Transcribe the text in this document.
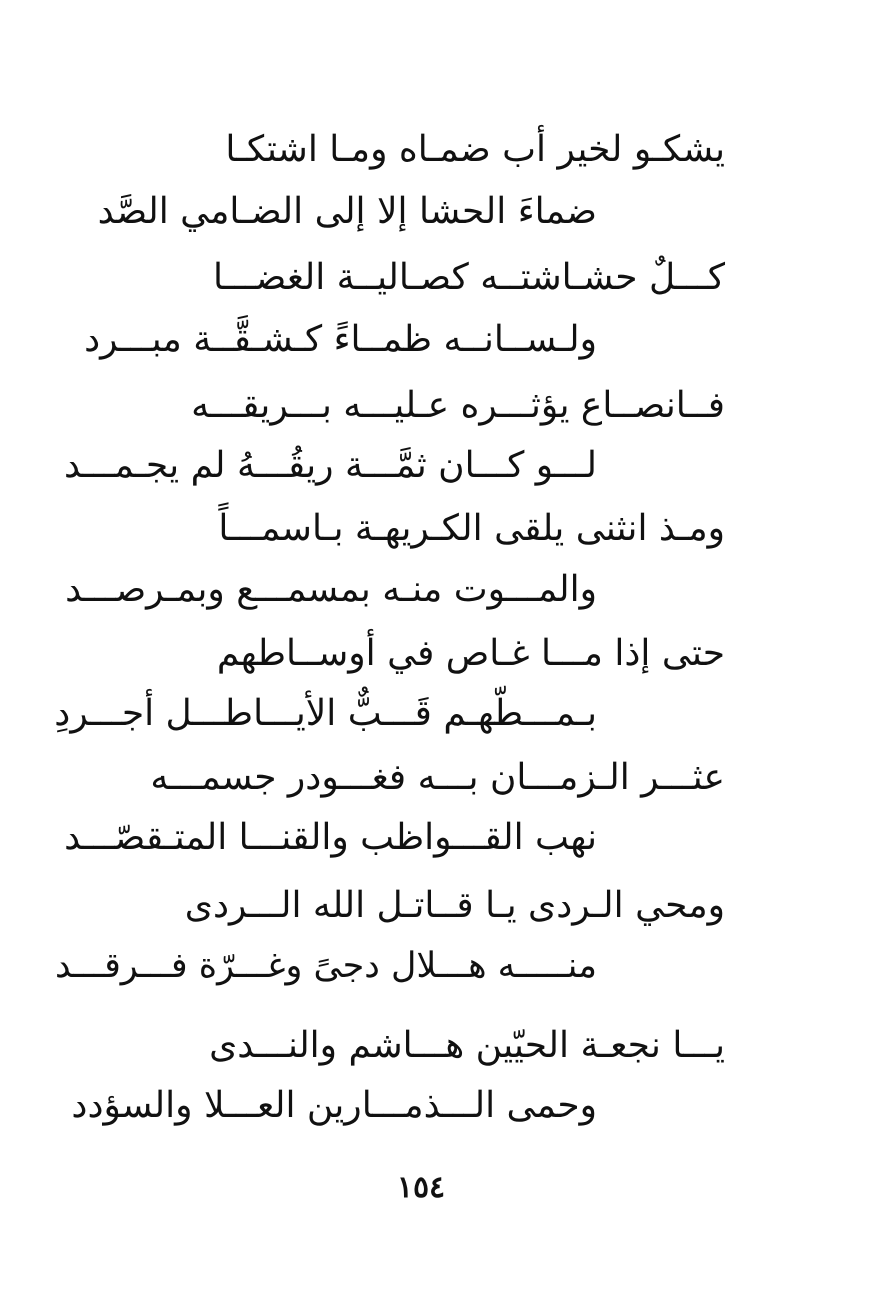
يشكـو لخير أب ضمـاه ومـا اشتكـا
ضماءَ الحشا إلا إلى الضـامي الصَّد
كـــلٌ حشـاشتــه كصـاليــة الغضـــا
ولـســانــه ظمــاءً كـشـقَّــة مبـــرد
فــانصــاع يؤثـــره عـليـــه بـــريقـــه
لـــو كـــان ثمَّـــة ريقُـــهُ لم يجـمـــد
ومـذ انثنى يلقى الكـريهـة بـاسمـــاً
والمـــوت منـه بمسمـــع وبمـرصـــد
حتى إذا مـــا غـاص في أوســاطهم
بـمـــطّهـم قَـــبٌّ الأيـــاطـــل أجـــردِ
عثـــر الـزمـــان بـــه فغـــودر جسمـــه
نهب القـــواظب والقنـــا المتـقصّـــد
ومحي الـردى يـا قــاتـل الله الـــردى
منـــــه هـــلال دجىً وغـــرّة فـــرقـــد
يـــا نجعـة الحيّين هـــاشم والنـــدى
وحمى الـــذمـــارين العـــلا والسؤدد
١٥٤
